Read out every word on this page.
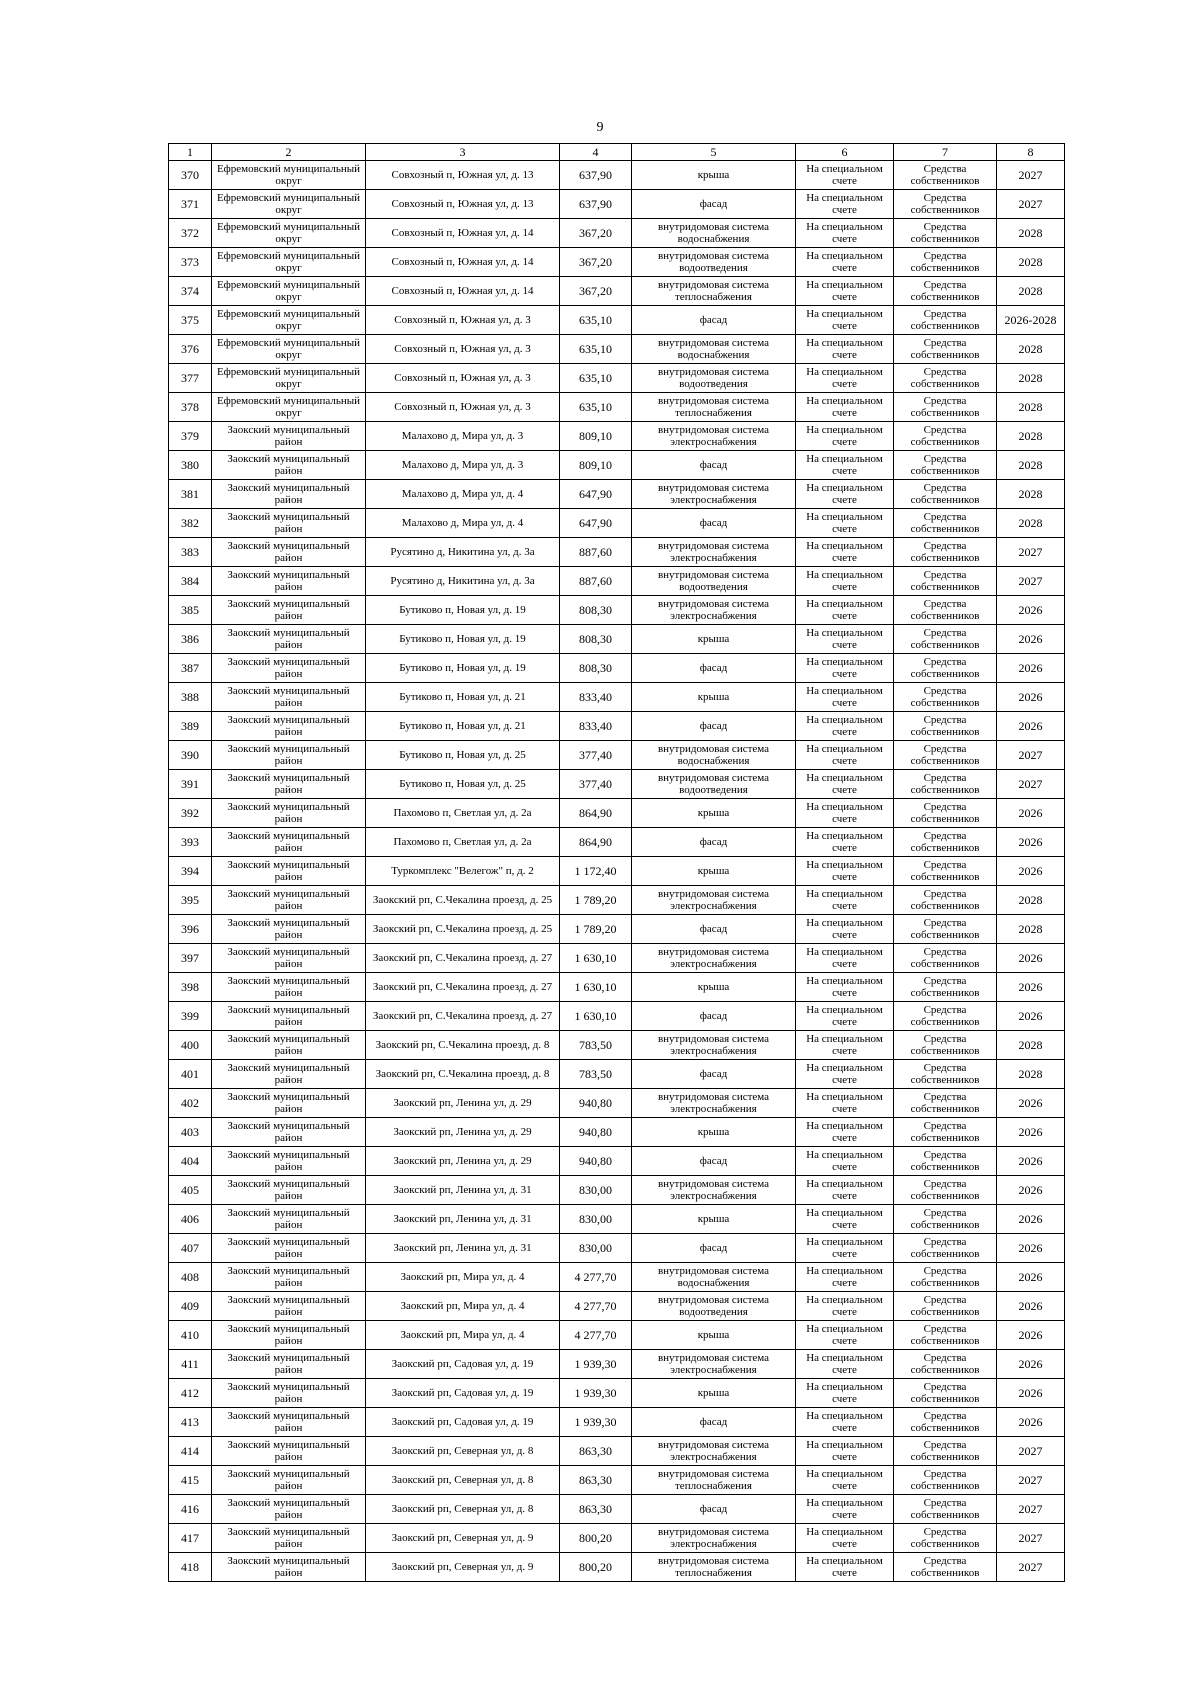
9
1	2	3	4	5	6	7	8
370	Ефремовский муниципальный округ	Совхозный п, Южная ул, д. 13	637,90	крыша	На специальном счете	Средства собственников	2027
371	Ефремовский муниципальный округ	Совхозный п, Южная ул, д. 13	637,90	фасад	На специальном счете	Средства собственников	2027
372	Ефремовский муниципальный округ	Совхозный п, Южная ул, д. 14	367,20	внутридомовая система водоснабжения	На специальном счете	Средства собственников	2028
373	Ефремовский муниципальный округ	Совхозный п, Южная ул, д. 14	367,20	внутридомовая система водоотведения	На специальном счете	Средства собственников	2028
374	Ефремовский муниципальный округ	Совхозный п, Южная ул, д. 14	367,20	внутридомовая система теплоснабжения	На специальном счете	Средства собственников	2028
375	Ефремовский муниципальный округ	Совхозный п, Южная ул, д. 3	635,10	фасад	На специальном счете	Средства собственников	2026-2028
376	Ефремовский муниципальный округ	Совхозный п, Южная ул, д. 3	635,10	внутридомовая система водоснабжения	На специальном счете	Средства собственников	2028
377	Ефремовский муниципальный округ	Совхозный п, Южная ул, д. 3	635,10	внутридомовая система водоотведения	На специальном счете	Средства собственников	2028
378	Ефремовский муниципальный округ	Совхозный п, Южная ул, д. 3	635,10	внутридомовая система теплоснабжения	На специальном счете	Средства собственников	2028
379	Заокский муниципальный район	Малахово д, Мира ул, д. 3	809,10	внутридомовая система электроснабжения	На специальном счете	Средства собственников	2028
380	Заокский муниципальный район	Малахово д, Мира ул, д. 3	809,10	фасад	На специальном счете	Средства собственников	2028
381	Заокский муниципальный район	Малахово д, Мира ул, д. 4	647,90	внутридомовая система электроснабжения	На специальном счете	Средства собственников	2028
382	Заокский муниципальный район	Малахово д, Мира ул, д. 4	647,90	фасад	На специальном счете	Средства собственников	2028
383	Заокский муниципальный район	Русятино д, Никитина ул, д. 3а	887,60	внутридомовая система электроснабжения	На специальном счете	Средства собственников	2027
384	Заокский муниципальный район	Русятино д, Никитина ул, д. 3а	887,60	внутридомовая система водоотведения	На специальном счете	Средства собственников	2027
385	Заокский муниципальный район	Бутиково п, Новая ул, д. 19	808,30	внутридомовая система электроснабжения	На специальном счете	Средства собственников	2026
386	Заокский муниципальный район	Бутиково п, Новая ул, д. 19	808,30	крыша	На специальном счете	Средства собственников	2026
387	Заокский муниципальный район	Бутиково п, Новая ул, д. 19	808,30	фасад	На специальном счете	Средства собственников	2026
388	Заокский муниципальный район	Бутиково п, Новая ул, д. 21	833,40	крыша	На специальном счете	Средства собственников	2026
389	Заокский муниципальный район	Бутиково п, Новая ул, д. 21	833,40	фасад	На специальном счете	Средства собственников	2026
390	Заокский муниципальный район	Бутиково п, Новая ул, д. 25	377,40	внутридомовая система водоснабжения	На специальном счете	Средства собственников	2027
391	Заокский муниципальный район	Бутиково п, Новая ул, д. 25	377,40	внутридомовая система водоотведения	На специальном счете	Средства собственников	2027
392	Заокский муниципальный район	Пахомово п, Светлая ул, д. 2а	864,90	крыша	На специальном счете	Средства собственников	2026
393	Заокский муниципальный район	Пахомово п, Светлая ул, д. 2а	864,90	фасад	На специальном счете	Средства собственников	2026
394	Заокский муниципальный район	Туркомплекс "Велегож" п, д. 2	1 172,40	крыша	На специальном счете	Средства собственников	2026
395	Заокский муниципальный район	Заокский рп, С.Чекалина проезд, д. 25	1 789,20	внутридомовая система электроснабжения	На специальном счете	Средства собственников	2028
396	Заокский муниципальный район	Заокский рп, С.Чекалина проезд, д. 25	1 789,20	фасад	На специальном счете	Средства собственников	2028
397	Заокский муниципальный район	Заокский рп, С.Чекалина проезд, д. 27	1 630,10	внутридомовая система электроснабжения	На специальном счете	Средства собственников	2026
398	Заокский муниципальный район	Заокский рп, С.Чекалина проезд, д. 27	1 630,10	крыша	На специальном счете	Средства собственников	2026
399	Заокский муниципальный район	Заокский рп, С.Чекалина проезд, д. 27	1 630,10	фасад	На специальном счете	Средства собственников	2026
400	Заокский муниципальный район	Заокский рп, С.Чекалина проезд, д. 8	783,50	внутридомовая система электроснабжения	На специальном счете	Средства собственников	2028
401	Заокский муниципальный район	Заокский рп, С.Чекалина проезд, д. 8	783,50	фасад	На специальном счете	Средства собственников	2028
402	Заокский муниципальный район	Заокский рп, Ленина ул, д. 29	940,80	внутридомовая система электроснабжения	На специальном счете	Средства собственников	2026
403	Заокский муниципальный район	Заокский рп, Ленина ул, д. 29	940,80	крыша	На специальном счете	Средства собственников	2026
404	Заокский муниципальный район	Заокский рп, Ленина ул, д. 29	940,80	фасад	На специальном счете	Средства собственников	2026
405	Заокский муниципальный район	Заокский рп, Ленина ул, д. 31	830,00	внутридомовая система электроснабжения	На специальном счете	Средства собственников	2026
406	Заокский муниципальный район	Заокский рп, Ленина ул, д. 31	830,00	крыша	На специальном счете	Средства собственников	2026
407	Заокский муниципальный район	Заокский рп, Ленина ул, д. 31	830,00	фасад	На специальном счете	Средства собственников	2026
408	Заокский муниципальный район	Заокский рп, Мира ул, д. 4	4 277,70	внутридомовая система водоснабжения	На специальном счете	Средства собственников	2026
409	Заокский муниципальный район	Заокский рп, Мира ул, д. 4	4 277,70	внутридомовая система водоотведения	На специальном счете	Средства собственников	2026
410	Заокский муниципальный район	Заокский рп, Мира ул, д. 4	4 277,70	крыша	На специальном счете	Средства собственников	2026
411	Заокский муниципальный район	Заокский рп, Садовая ул, д. 19	1 939,30	внутридомовая система электроснабжения	На специальном счете	Средства собственников	2026
412	Заокский муниципальный район	Заокский рп, Садовая ул, д. 19	1 939,30	крыша	На специальном счете	Средства собственников	2026
413	Заокский муниципальный район	Заокский рп, Садовая ул, д. 19	1 939,30	фасад	На специальном счете	Средства собственников	2026
414	Заокский муниципальный район	Заокский рп, Северная ул, д. 8	863,30	внутридомовая система электроснабжения	На специальном счете	Средства собственников	2027
415	Заокский муниципальный район	Заокский рп, Северная ул, д. 8	863,30	внутридомовая система теплоснабжения	На специальном счете	Средства собственников	2027
416	Заокский муниципальный район	Заокский рп, Северная ул, д. 8	863,30	фасад	На специальном счете	Средства собственников	2027
417	Заокский муниципальный район	Заокский рп, Северная ул, д. 9	800,20	внутридомовая система электроснабжения	На специальном счете	Средства собственников	2027
418	Заокский муниципальный район	Заокский рп, Северная ул, д. 9	800,20	внутридомовая система теплоснабжения	На специальном счете	Средства собственников	2027
